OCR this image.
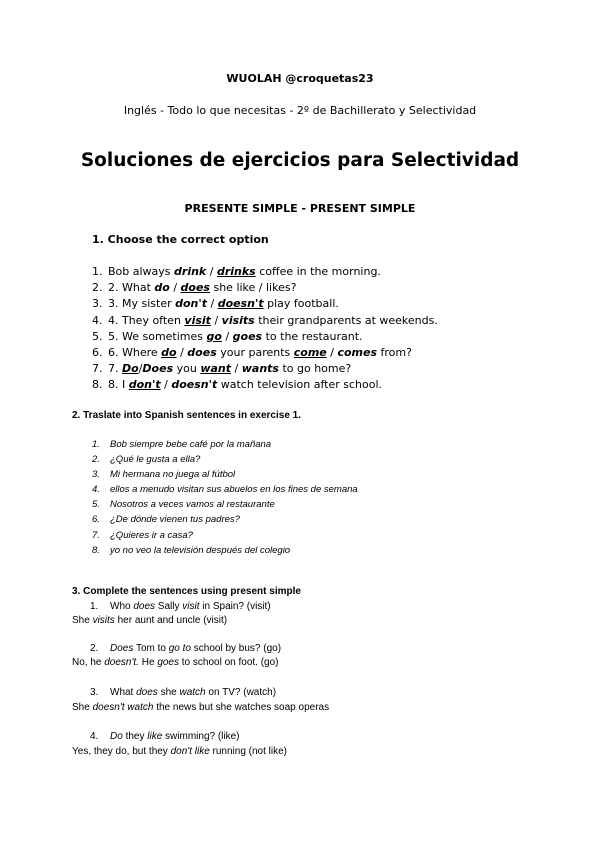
WUOLAH @croquetas23
Inglés - Todo lo que necesitas - 2º de Bachillerato y Selectividad
Soluciones de ejercicios para Selectividad
PRESENTE SIMPLE - PRESENT SIMPLE
1. Choose the correct option
1. Bob always drink / drinks coffee in the morning.
2. 2. What do / does she like / likes?
3. 3. My sister don't / doesn't play football.
4. 4. They often visit / visits their grandparents at weekends.
5. 5. We sometimes go / goes to the restaurant.
6. 6. Where do / does your parents come / comes from?
7. 7. Do/Does you want / wants to go home?
8. 8. I don't / doesn't watch television after school.
2. Traslate into Spanish sentences in exercise 1.
1. Bob siempre bebe café por la mañana
2. ¿Qué le gusta a ella?
3. Mi hermana no juega al fútbol
4. ellos a menudo visitan sus abuelos en los fines de semana
5. Nosotros a veces vamos al restaurante
6. ¿De dónde vienen tus padres?
7. ¿Quieres ir a casa?
8. yo no veo la televisión después del colegio
3. Complete the sentences using present simple
1. Who does Sally visit in Spain? (visit)
She visits her aunt and uncle (visit)
2. Does Tom to go to school by bus? (go)
No, he doesn't. He goes to school on foot. (go)
3. What does she watch on TV? (watch)
She doesn't watch the news but she watches soap operas
4. Do they like swimming? (like)
Yes, they do, but they don't like running (not like)
